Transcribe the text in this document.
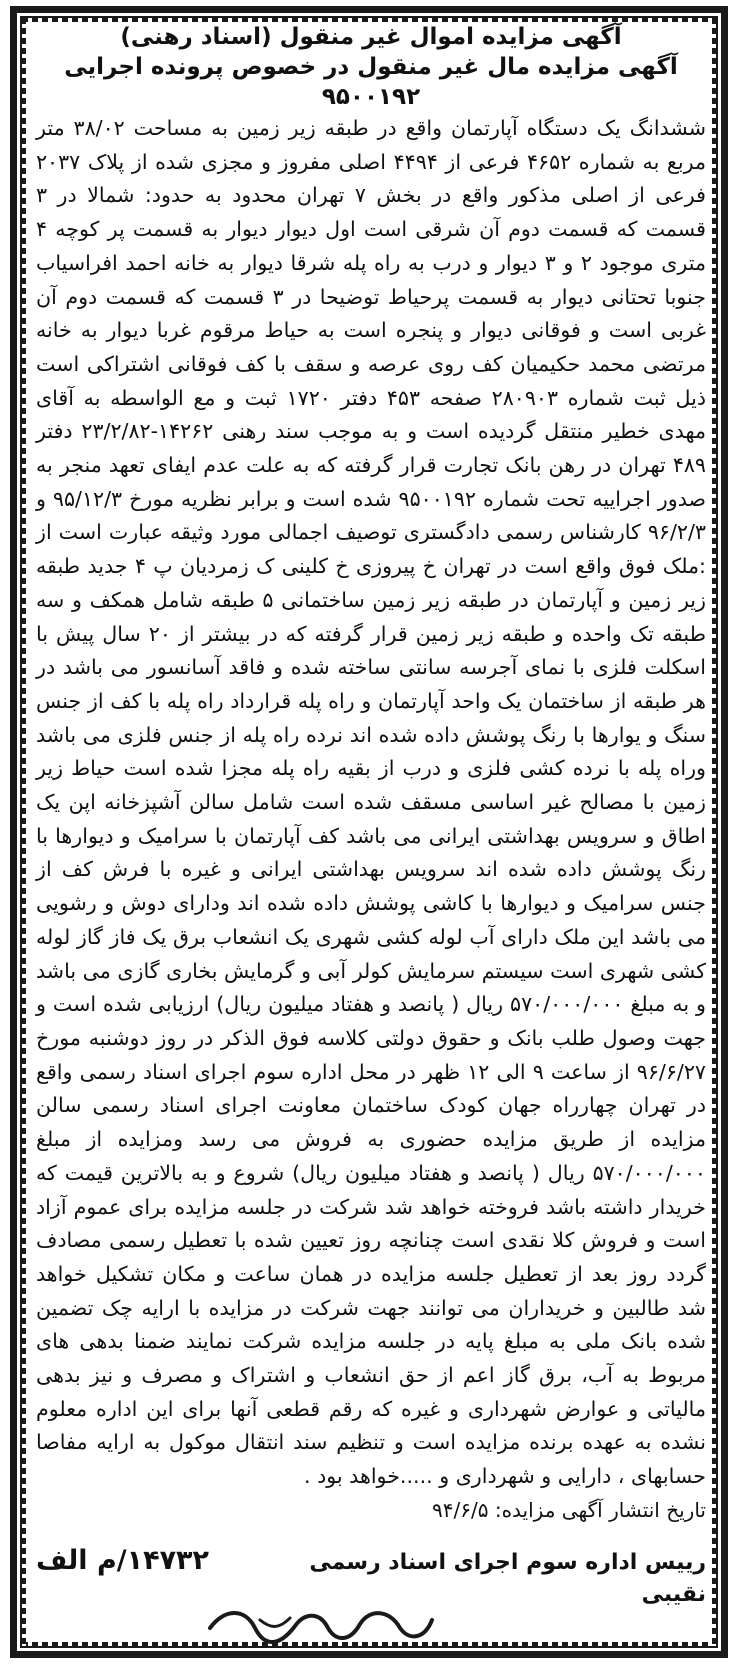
آگهی مزایده اموال غیر منقول (اسناد رهنی)

آگهی مزایده مال غیر منقول در خصوص پرونده اجرایی

۹۵۰۰۱۹۲

ششدانگ یک دستگاه آپارتمان واقع در طبقه زیر زمین به مساحت ۳۸/۰۲ متر مربع به شماره ۴۶۵۲ فرعی از ۴۴۹۴ اصلی مفروز و مجزی شده از پلاک ۲۰۳۷ فرعی از اصلی مذکور واقع در بخش ۷ تهران محدود به حدود: شمالا در ۳ قسمت که قسمت دوم آن شرقی است اول دیوار دیوار به قسمت پر کوچه ۴ متری موجود ۲ و ۳ دیوار و درب به راه پله شرقا دیوار به خانه احمد افراسیاب جنوبا تحتانی دیوار به قسمت پرحیاط توضیحا در ۳ قسمت که قسمت دوم آن غربی است و فوقانی دیوار و پنجره است به حیاط مرقوم غربا دیوار به خانه مرتضی محمد حکیمیان کف روی عرصه و سقف با کف فوقانی اشتراکی است ذیل ثبت شماره ۲۸۰۹۰۳ صفحه ۴۵۳ دفتر ۱۷۲۰ ثبت و مع الواسطه به آقای مهدی خطیر منتقل گردیده است و به موجب سند رهنی ۱۴۲۶۲-۲۳/۲/۸۲ دفتر ۴۸۹ تهران در رهن بانک تجارت قرار گرفته که به علت عدم ایفای تعهد منجر به صدور اجراییه تحت شماره ۹۵۰۰۱۹۲ شده است و برابر نظریه مورخ ۹۵/۱۲/۳ و ۹۶/۲/۳ کارشناس رسمی دادگستری توصیف اجمالی مورد وثیقه عبارت است از :ملک فوق واقع است در تهران خ پیروزی خ کلینی ک زمردیان پ ۴ جدید طبقه زیر زمین و آپارتمان در طبقه زیر زمین ساختمانی ۵ طبقه شامل همکف و سه طبقه تک واحده و طبقه زیر زمین قرار گرفته که در بیشتر از ۲۰ سال پیش با اسکلت فلزی با نمای آجرسه سانتی ساخته شده و فاقد آسانسور می باشد در هر طبقه از ساختمان یک واحد آپارتمان و راه پله قرارداد راه پله با کف از جنس سنگ و یوارها با رنگ پوشش داده شده اند نرده راه پله از جنس فلزی می باشد وراه پله با نرده کشی فلزی و درب از بقیه راه پله مجزا شده است حیاط زیر زمین با مصالح غیر اساسی مسقف شده است شامل سالن آشپزخانه اپن یک اطاق و سرویس بهداشتی ایرانی می باشد کف آپارتمان با سرامیک و دیوارها با رنگ پوشش داده شده اند سرویس بهداشتی ایرانی و غیره با فرش کف از جنس سرامیک و دیوارها با کاشی پوشش داده شده اند ودارای دوش و رشویی می باشد این ملک دارای آب لوله کشی شهری یک انشعاب برق یک فاز گاز لوله کشی شهری است سیستم سرمایش کولر آبی و گرمایش بخاری گازی می باشد و به مبلغ ۵۷۰/۰۰۰/۰۰۰ ریال ( پانصد و هفتاد میلیون ریال) ارزیابی شده است و جهت وصول طلب بانک و حقوق دولتی کلاسه فوق الذکر در روز دوشنبه مورخ ۹۶/۶/۲۷ از ساعت ۹ الی ۱۲ ظهر در محل اداره سوم اجرای اسناد رسمی واقع در تهران چهارراه جهان کودک ساختمان معاونت اجرای اسناد رسمی سالن مزایده از طریق مزایده حضوری به فروش می رسد ومزایده از مبلغ ۵۷۰/۰۰۰/۰۰۰ ریال ( پانصد و هفتاد میلیون ریال) شروع و به بالاترین قیمت که خریدار داشته باشد فروخته خواهد شد شرکت در جلسه مزایده برای عموم آزاد است و فروش کلا نقدی است چنانچه روز تعیین شده با تعطیل رسمی مصادف گردد روز بعد از تعطیل جلسه مزایده در همان ساعت و مکان تشکیل خواهد شد طالبین و خریداران می توانند جهت شرکت در مزایده با ارایه چک تضمین شده بانک ملی به مبلغ پایه در جلسه مزایده شرکت نمایند ضمنا بدهی های مربوط به آب، برق گاز اعم از حق انشعاب و اشتراک و مصرف و نیز بدهی مالیاتی و عوارض شهرداری و غیره که رقم قطعی آنها برای این اداره معلوم نشده به عهده برنده مزایده است و تنظیم سند انتقال موکول به ارایه مفاصا حسابهای ، دارایی و شهرداری و .....خواهد بود .

تاریخ انتشار آگهی مزایده: ۹۴/۶/۵

رییس اداره سوم اجرای اسناد رسمی
نقیبی
۱۴۷۳۲/م الف
